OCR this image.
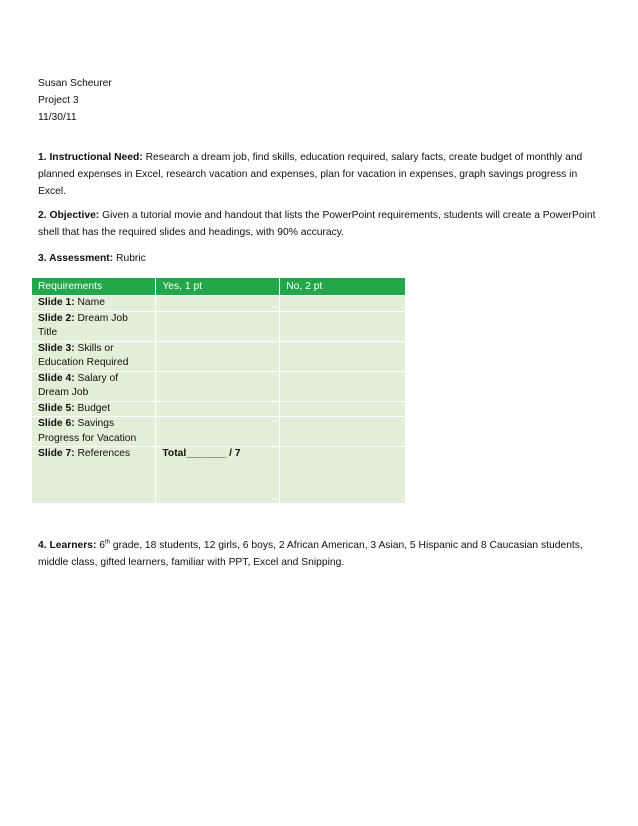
Susan Scheurer
Project 3
11/30/11
1. Instructional Need: Research a dream job, find skills, education required, salary facts, create budget of monthly and planned expenses in Excel, research vacation and expenses, plan for vacation in expenses, graph savings progress in Excel.
2. Objective: Given a tutorial movie and handout that lists the PowerPoint requirements, students will create a PowerPoint shell that has the required slides and headings, with 90% accuracy.
3. Assessment: Rubric
Requirements	Yes, 1 pt	No, 2 pt
Slide 1: Name		
Slide 2: Dream Job Title		
Slide 3: Skills or Education Required		
Slide 4: Salary of Dream Job		
Slide 5: Budget		
Slide 6: Savings Progress for Vacation		
Slide 7: References	Total_______ / 7	
4. Learners: 6th grade, 18 students, 12 girls, 6 boys, 2 African American, 3 Asian, 5 Hispanic and 8 Caucasian students, middle class, gifted learners, familiar with PPT, Excel and Snipping.
